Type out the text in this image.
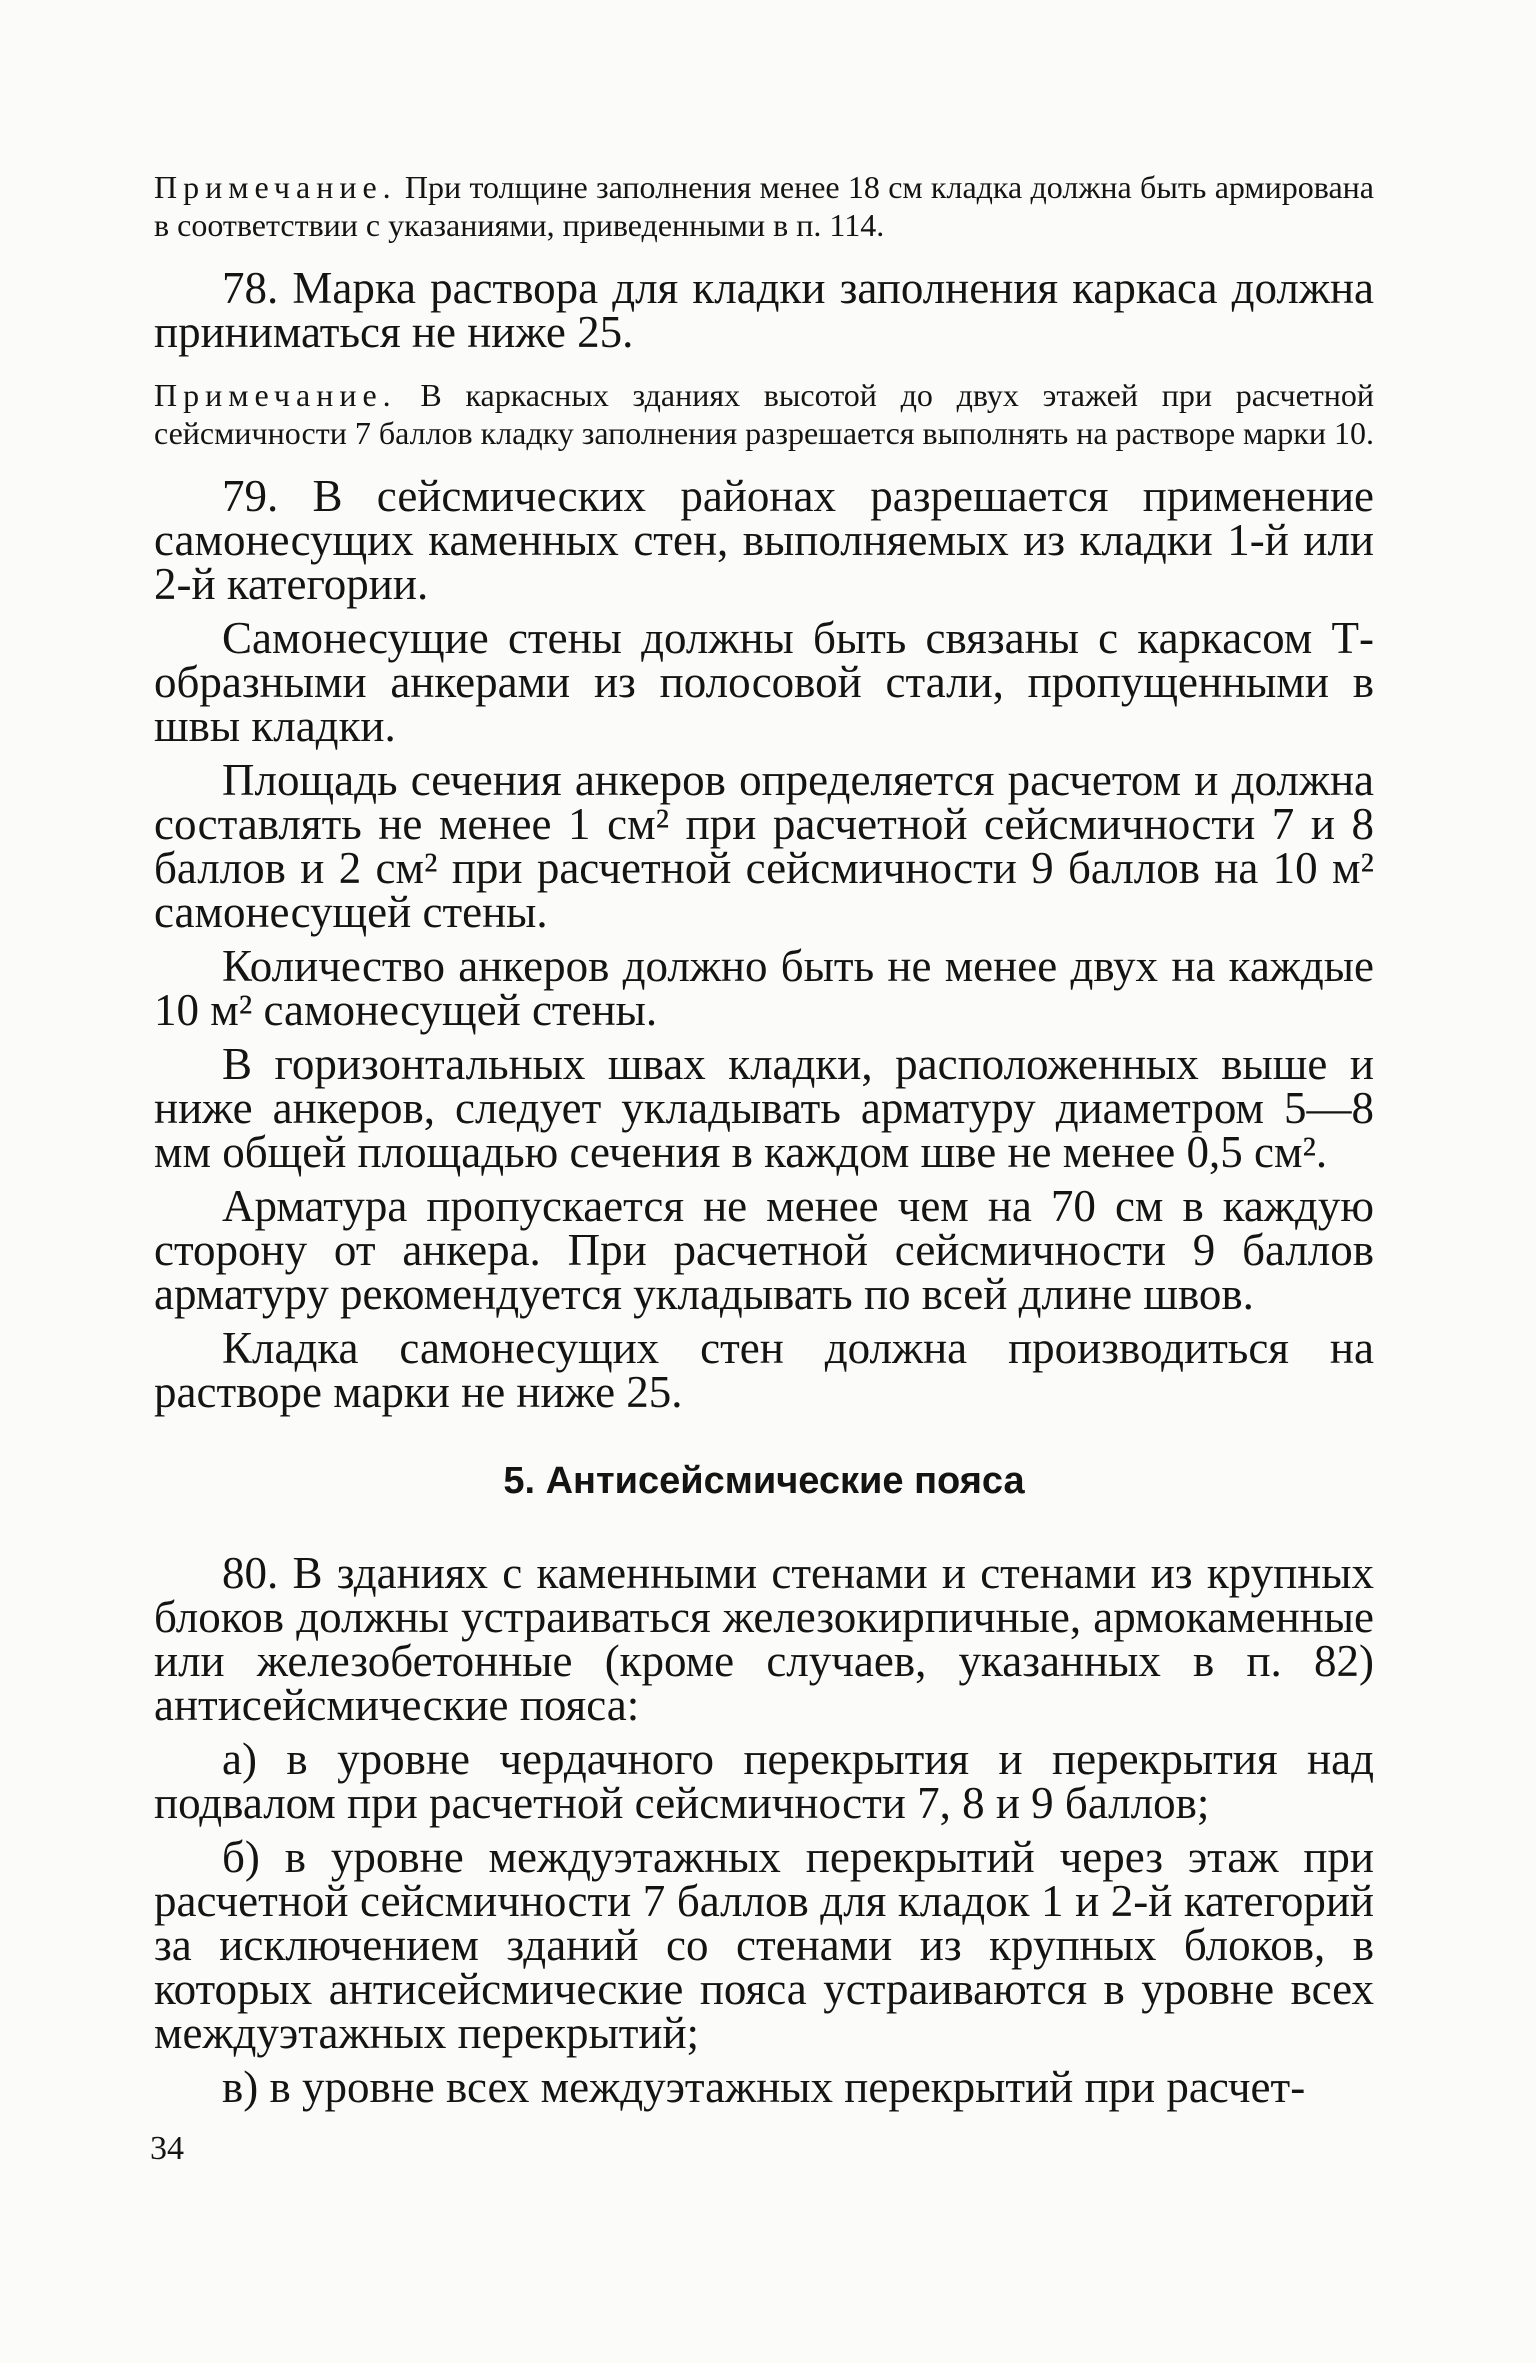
Примечание. При толщине заполнения менее 18 см кладка должна быть армирована в соответствии с указаниями, приведенными в п. 114.

78. Марка раствора для кладки заполнения каркаса должна приниматься не ниже 25.

Примечание. В каркасных зданиях высотой до двух этажей при расчетной сейсмичности 7 баллов кладку заполнения разрешается выполнять на растворе марки 10.

79. В сейсмических районах разрешается применение самонесущих каменных стен, выполняемых из кладки 1-й или 2-й категории.

Самонесущие стены должны быть связаны с каркасом Т-образными анкерами из полосовой стали, пропущенными в швы кладки.

Площадь сечения анкеров определяется расчетом и должна составлять не менее 1 см² при расчетной сейсмичности 7 и 8 баллов и 2 см² при расчетной сейсмичности 9 баллов на 10 м² самонесущей стены.

Количество анкеров должно быть не менее двух на каждые 10 м² самонесущей стены.

В горизонтальных швах кладки, расположенных выше и ниже анкеров, следует укладывать арматуру диаметром 5—8 мм общей площадью сечения в каждом шве не менее 0,5 см².

Арматура пропускается не менее чем на 70 см в каждую сторону от анкера. При расчетной сейсмичности 9 баллов арматуру рекомендуется укладывать по всей длине швов.

Кладка самонесущих стен должна производиться на растворе марки не ниже 25.

5. Антисейсмические пояса

80. В зданиях с каменными стенами и стенами из крупных блоков должны устраиваться железокирпичные, армокаменные или железобетонные (кроме случаев, указанных в п. 82) антисейсмические пояса:

а) в уровне чердачного перекрытия и перекрытия над подвалом при расчетной сейсмичности 7, 8 и 9 баллов;

б) в уровне междуэтажных перекрытий через этаж при расчетной сейсмичности 7 баллов для кладок 1 и 2-й категорий за исключением зданий со стенами из крупных блоков, в которых антисейсмические пояса устраиваются в уровне всех междуэтажных перекрытий;

в) в уровне всех междуэтажных перекрытий при расчет-

34
